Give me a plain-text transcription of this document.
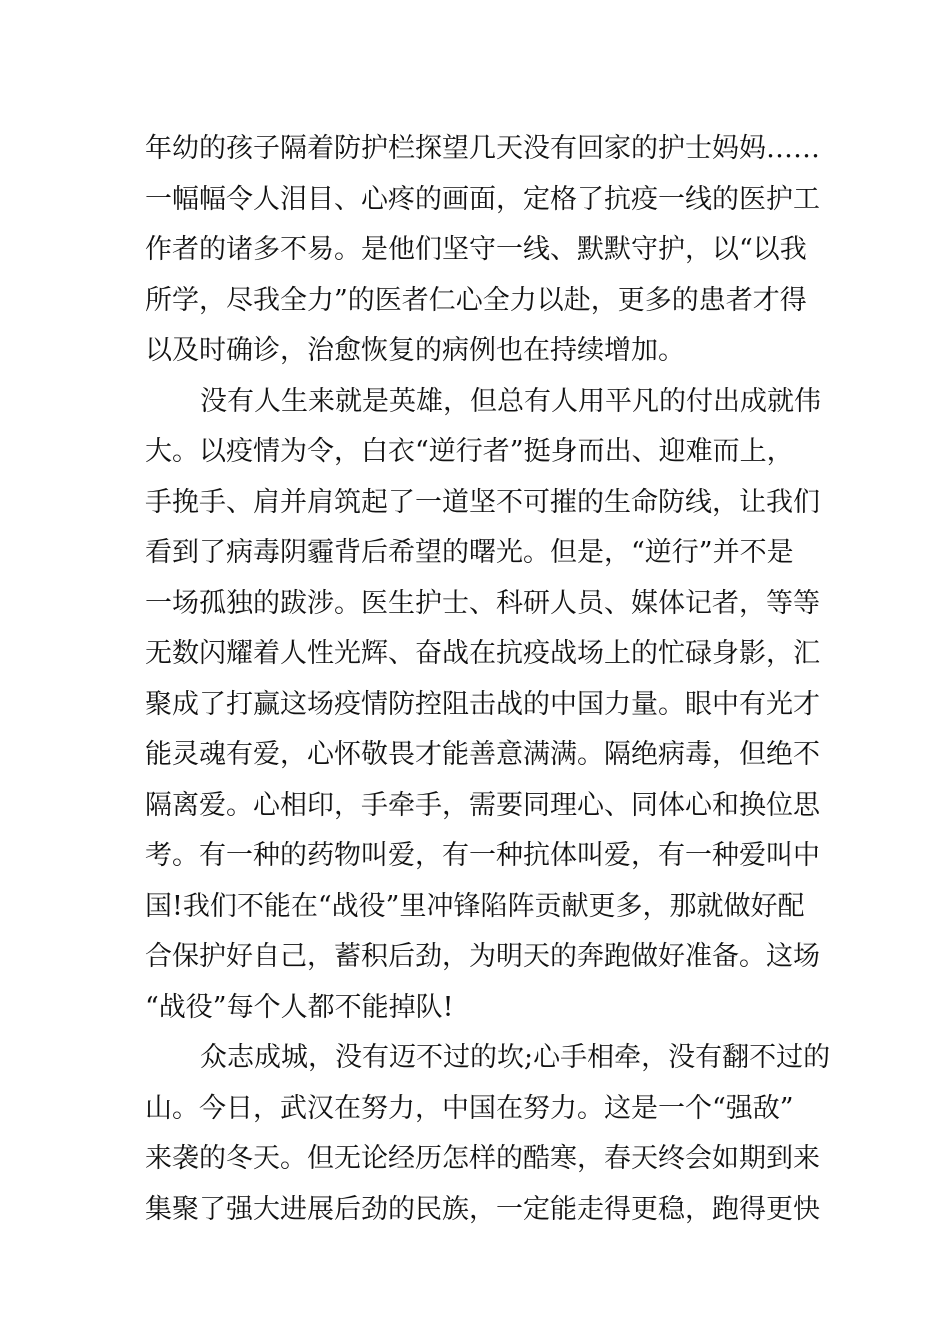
年幼的孩子隔着防护栏探望几天没有回家的护士妈妈……
一幅幅令人泪目、心疼的画面，定格了抗疫一线的医护工
作者的诸多不易。是他们坚守一线、默默守护，以“以我
所学，尽我全力”的医者仁心全力以赴，更多的患者才得
以及时确诊，治愈恢复的病例也在持续增加。
没有人生来就是英雄，但总有人用平凡的付出成就伟
大。以疫情为令，白衣“逆行者”挺身而出、迎难而上，
手挽手、肩并肩筑起了一道坚不可摧的生命防线，让我们
看到了病毒阴霾背后希望的曙光。但是，“逆行”并不是
一场孤独的跋涉。医生护士、科研人员、媒体记者，等等
无数闪耀着人性光辉、奋战在抗疫战场上的忙碌身影，汇
聚成了打赢这场疫情防控阻击战的中国力量。眼中有光才
能灵魂有爱，心怀敬畏才能善意满满。隔绝病毒，但绝不
隔离爱。心相印，手牵手，需要同理心、同体心和换位思
考。有一种的药物叫爱，有一种抗体叫爱，有一种爱叫中
国!我们不能在“战役”里冲锋陷阵贡献更多，那就做好配
合保护好自己，蓄积后劲，为明天的奔跑做好准备。这场
“战役”每个人都不能掉队!
众志成城，没有迈不过的坎;心手相牵，没有翻不过的
山。今日，武汉在努力，中国在努力。这是一个“强敌”
来袭的冬天。但无论经历怎样的酷寒，春天终会如期到来
集聚了强大进展后劲的民族，一定能走得更稳，跑得更快
